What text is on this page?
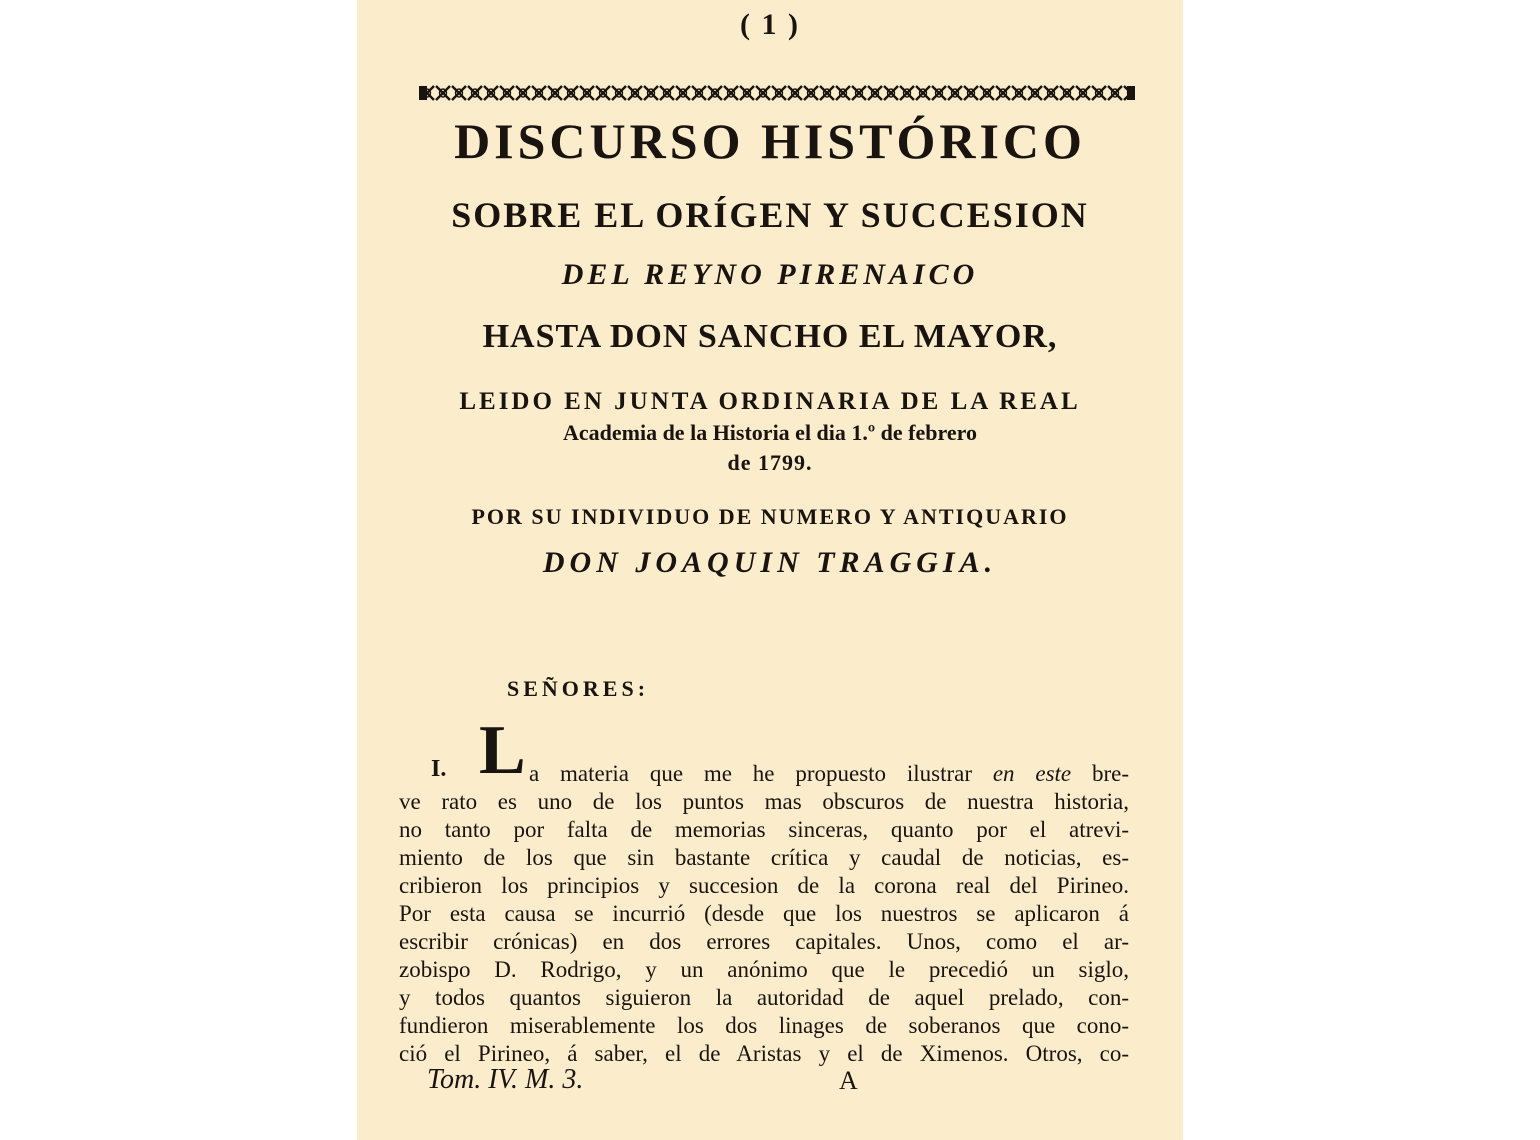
( 1 )
DISCURSO HISTÓRICO
SOBRE EL ORÍGEN Y SUCCESION
DEL REYNO PIRENAICO
HASTA DON SANCHO EL MAYOR,
LEIDO EN JUNTA ORDINARIA DE LA REAL
Academia de la Historia el dia 1.º de febrero
de 1799.
POR SU INDIVIDUO DE NUMERO Y ANTIQUARIO
DON JOAQUIN TRAGGIA.
SEÑORES:
I. L a materia que me he propuesto ilustrar en este bre-
ve rato es uno de los puntos mas obscuros de nuestra historia,
no tanto por falta de memorias sinceras, quanto por el atrevi-
miento de los que sin bastante crítica y caudal de noticias, es-
cribieron los principios y succesion de la corona real del Pirineo.
Por esta causa se incurrió (desde que los nuestros se aplicaron á
escribir crónicas) en dos errores capitales. Unos, como el ar-
zobispo D. Rodrigo, y un anónimo que le precedió un siglo,
y todos quantos siguieron la autoridad de aquel prelado, con-
fundieron miserablemente los dos linages de soberanos que cono-
ció el Pirineo, á saber, el de Aristas y el de Ximenos. Otros, co-
Tom. IV. M. 3.	A
